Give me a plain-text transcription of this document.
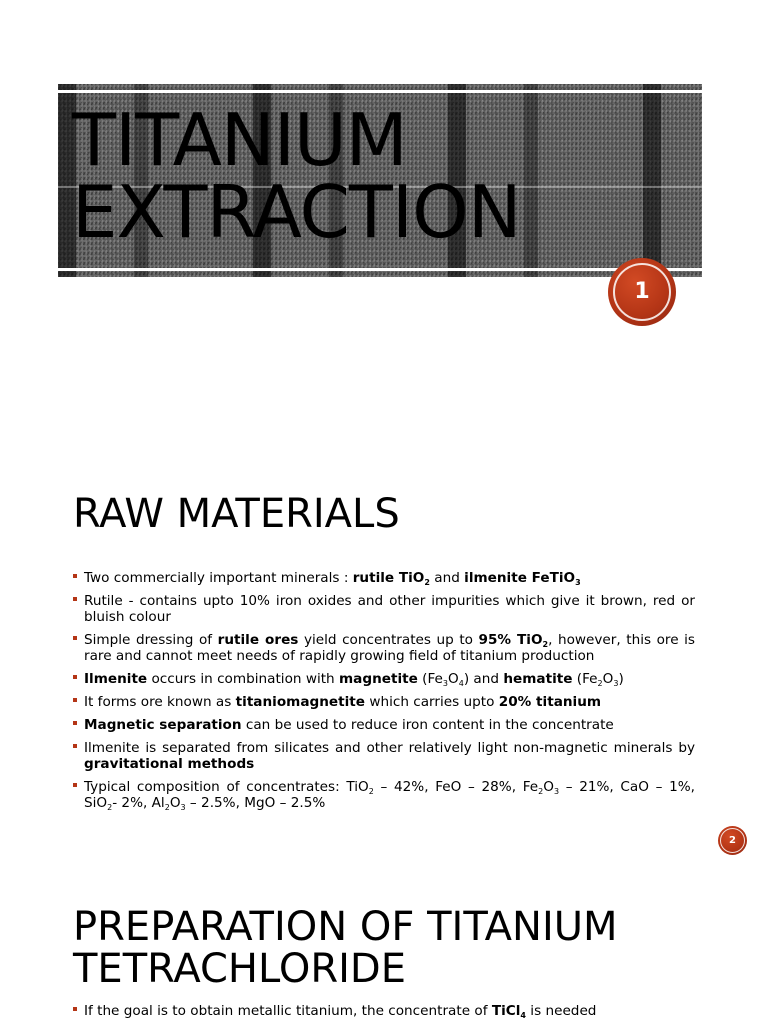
TITANIUM
EXTRACTION
1
RAW MATERIALS
Two commercially important minerals : rutile TiO$_2$ and ilmenite FeTiO$_3$
Rutile - contains upto 10% iron oxides and other impurities which give it brown, red or bluish colour
Simple dressing of rutile ores yield concentrates up to 95% TiO$_2$, however, this ore is rare and cannot meet needs of rapidly growing field of titanium production
Ilmenite occurs in combination with magnetite $(Fe_3O_4)$ and hematite $(Fe_2O_3)$
It forms ore known as titaniomagnetite which carries upto 20% titanium
Magnetic separation can be used to reduce iron content in the concentrate
Ilmenite is separated from silicates and other relatively light non-magnetic minerals by gravitational methods
Typical composition of concentrates: TiO$_2$ – 42%, FeO – 28%, $Fe_2O_3 - 21\%$, CaO – 1%, SiO$_2$- 2%, $Al_2O_3 - 2.5\%$, MgO – 2.5%
2
PREPARATION OF TITANIUM
TETRACHLORIDE
If the goal is to obtain metallic titanium, the concentrate of TiCl$_4$ is needed
